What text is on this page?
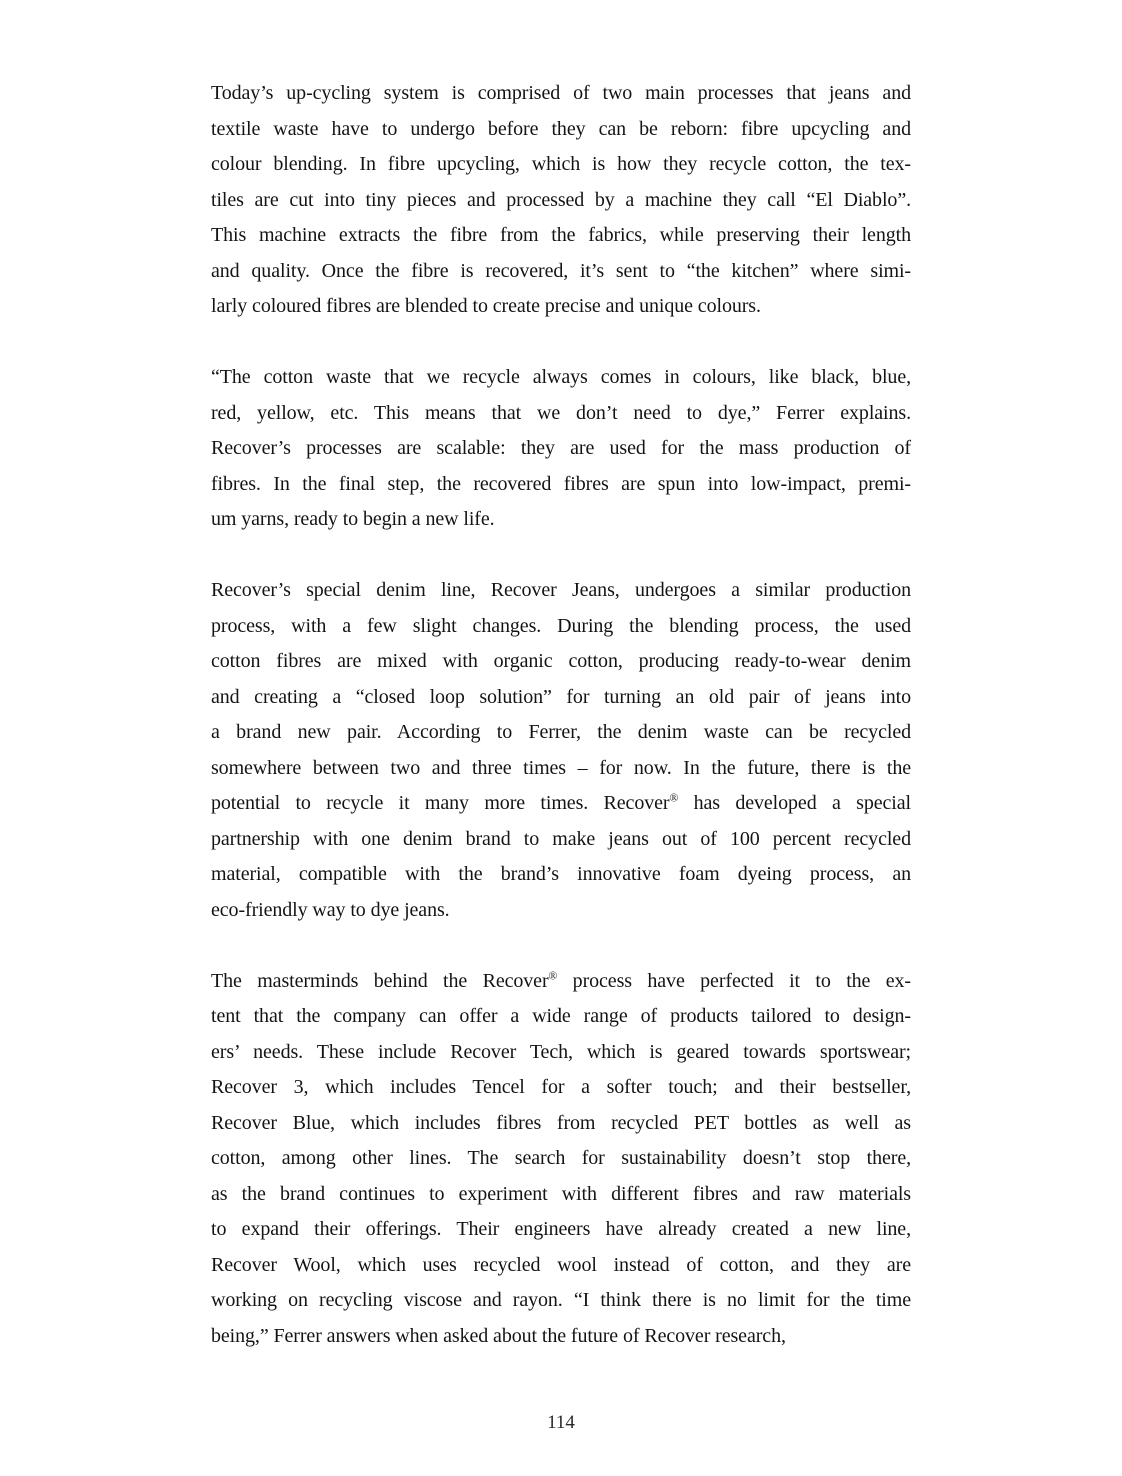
Today’s up-cycling system is comprised of two main processes that jeans and
textile waste have to undergo before they can be reborn: fibre upcycling and
colour blending. In fibre upcycling, which is how they recycle cotton, the tex-
tiles are cut into tiny pieces and processed by a machine they call “El Diablo”.
This machine extracts the fibre from the fabrics, while preserving their length
and quality. Once the fibre is recovered, it’s sent to “the kitchen” where simi-
larly coloured fibres are blended to create precise and unique colours.
“The cotton waste that we recycle always comes in colours, like black, blue,
red, yellow, etc. This means that we don’t need to dye,” Ferrer explains.
Recover’s processes are scalable: they are used for the mass production of
fibres. In the final step, the recovered fibres are spun into low-impact, premi-
um yarns, ready to begin a new life.
Recover’s special denim line, Recover Jeans, undergoes a similar production
process, with a few slight changes. During the blending process, the used
cotton fibres are mixed with organic cotton, producing ready-to-wear denim
and creating a “closed loop solution” for turning an old pair of jeans into
a brand new pair. According to Ferrer, the denim waste can be recycled
somewhere between two and three times – for now. In the future, there is the
potential to recycle it many more times. Recover® has developed a special
partnership with one denim brand to make jeans out of 100 percent recycled
material, compatible with the brand’s innovative foam dyeing process, an
eco-friendly way to dye jeans.
The masterminds behind the Recover® process have perfected it to the ex-
tent that the company can offer a wide range of products tailored to design-
ers’ needs. These include Recover Tech, which is geared towards sportswear;
Recover 3, which includes Tencel for a softer touch; and their bestseller,
Recover Blue, which includes fibres from recycled PET bottles as well as
cotton, among other lines. The search for sustainability doesn’t stop there,
as the brand continues to experiment with different fibres and raw materials
to expand their offerings. Their engineers have already created a new line,
Recover Wool, which uses recycled wool instead of cotton, and they are
working on recycling viscose and rayon. “I think there is no limit for the time
being,” Ferrer answers when asked about the future of Recover research,
114
